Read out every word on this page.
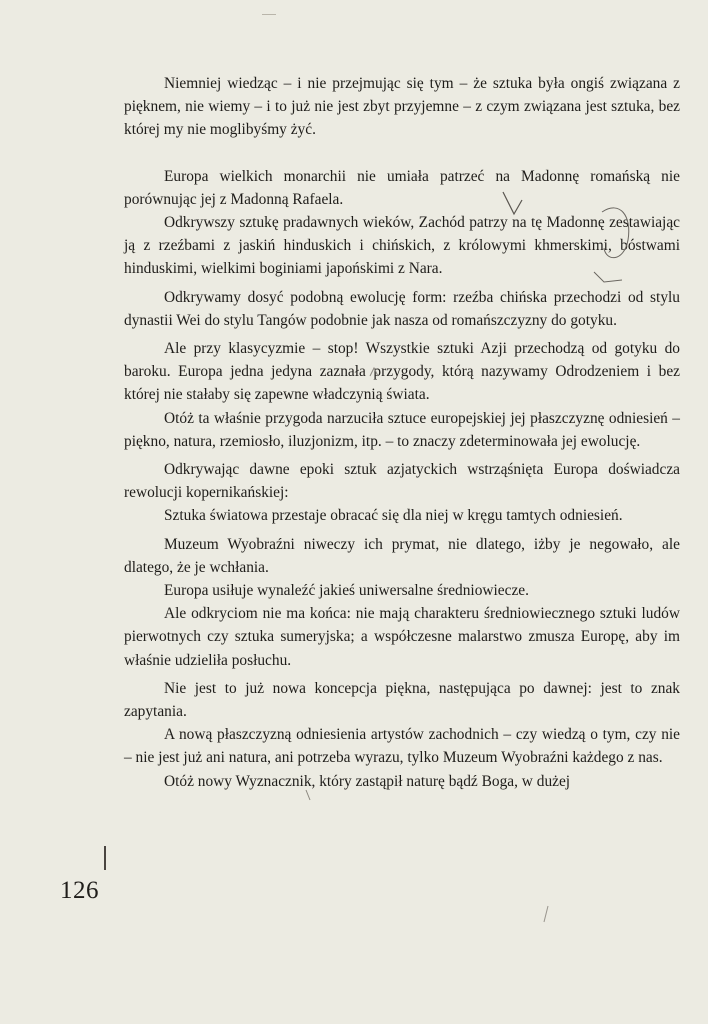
Niemniej wiedząc – i nie przejmując się tym – że sztuka była ongiś związana z pięknem, nie wiemy – i to już nie jest zbyt przyjemne – z czym związana jest sztuka, bez której my nie moglibyśmy żyć.

Europa wielkich monarchii nie umiała patrzeć na Madonnę romańską nie porównując jej z Madonną Rafaela.

Odkrywszy sztukę pradawnych wieków, Zachód patrzy na tę Madonnę zestawiając ją z rzeźbami z jaskiń hinduskich i chińskich, z królowymi khmerskimi, bóstwami hinduskimi, wielkimi boginiami japońskimi z Nara.

Odkrywamy dosyć podobną ewolucję form: rzeźba chińska przechodzi od stylu dynastii Wei do stylu Tangów podobnie jak nasza od romańszczyzny do gotyku.

Ale przy klasycyzmie – stop! Wszystkie sztuki Azji przechodzą od gotyku do baroku. Europa jedna jedyna zaznała przygody, którą nazywamy Odrodzeniem i bez której nie stałaby się zapewne władczynią świata.

Otóż ta właśnie przygoda narzuciła sztuce europejskiej jej płaszczyznę odniesień – piękno, natura, rzemiosło, iluzjonizm, itp. – to znaczy zdeterminowała jej ewolucję.

Odkrywając dawne epoki sztuk azjatyckich wstrząśnięta Europa doświadcza rewolucji kopernikańskiej:

Sztuka światowa przestaje obracać się dla niej w kręgu tamtych odniesień.

Muzeum Wyobraźni niweczy ich prymat, nie dlatego, iżby je negowało, ale dlatego, że je wchłania.

Europa usiłuje wynaleźć jakieś uniwersalne średniowiecze.

Ale odkryciom nie ma końca: nie mają charakteru średniowiecznego sztuki ludów pierwotnych czy sztuka sumeryjska; a współczesne malarstwo zmusza Europę, aby im właśnie udzieliła posłuchu.

Nie jest to już nowa koncepcja piękna, następująca po dawnej: jest to znak zapytania.

A nową płaszczyzną odniesienia artystów zachodnich – czy wiedzą o tym, czy nie – nie jest już ani natura, ani potrzeba wyrazu, tylko Muzeum Wyobraźni każdego z nas.

Otóż nowy Wyznacznik, który zastąpił naturę bądź Boga, w dużej

126
